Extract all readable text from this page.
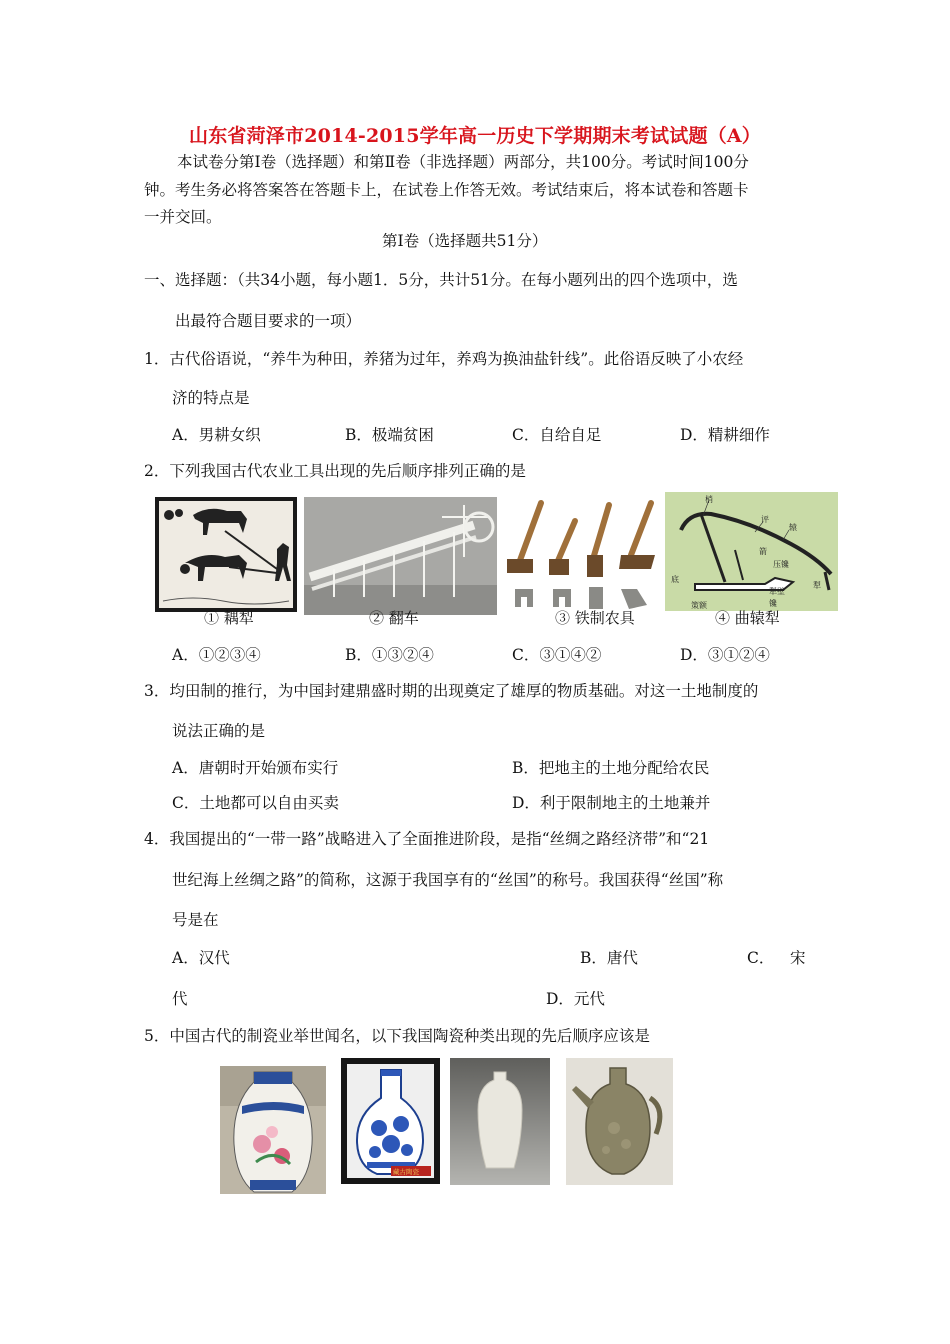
山东省菏泽市2014-2015学年高一历史下学期期末考试试题（A）
本试卷分第I卷（选择题）和第Ⅱ卷（非选择题）两部分，共100分。考试时间100分
钟。考生务必将答案答在答题卡上，在试卷上作答无效。考试结束后，将本试卷和答题卡
一并交回。
第I卷（选择题共51分）
一、选择题：（共34小题，每小题1．5分，共计51分。在每小题列出的四个选项中，选
出最符合题目要求的一项）
1．古代俗语说，“养牛为种田，养猪为过年，养鸡为换油盐针线”。此俗语反映了小农经
济的特点是
A．男耕女织	B．极端贫困	C．自给自足	D．精耕细作
2．下列我国古代农业工具出现的先后顺序排列正确的是
梢
评
辕
箭
压镵
底
策额
犁壁
镵
犁
① 耦犁	② 翻车	③ 铁制农具	④ 曲辕犁
A．①②③④	B．①③②④	C．③①④②	D．③①②④
3．均田制的推行，为中国封建鼎盛时期的出现奠定了雄厚的物质基础。对这一土地制度的
说法正确的是
A．唐朝时开始颁布实行	B．把地主的土地分配给农民
C．土地都可以自由买卖	D．利于限制地主的土地兼并
4．我国提出的“一带一路”战略进入了全面推进阶段，是指“丝绸之路经济带”和“21
世纪海上丝绸之路”的简称，这源于我国享有的“丝国”的称号。我国获得“丝国”称
号是在
A．汉代	B．唐代	C． 宋
代	D．元代
5．中国古代的制瓷业举世闻名，以下我国陶瓷种类出现的先后顺序应该是
藏古陶瓷
